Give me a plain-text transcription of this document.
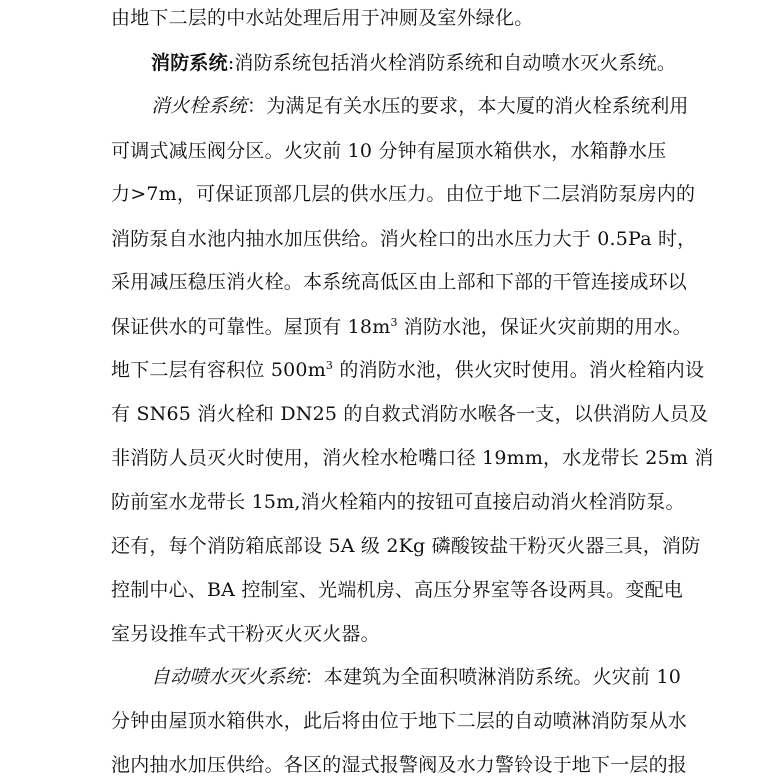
由地下二层的中水站处理后用于冲厕及室外绿化。
消防系统:消防系统包括消火栓消防系统和自动喷水灭火系统。
消火栓系统：为满足有关水压的要求，本大厦的消火栓系统利用
可调式减压阀分区。火灾前 10 分钟有屋顶水箱供水，水箱静水压
力>7m，可保证顶部几层的供水压力。由位于地下二层消防泵房内的
消防泵自水池内抽水加压供给。消火栓口的出水压力大于 0.5Pa 时，
采用减压稳压消火栓。本系统高低区由上部和下部的干管连接成环以
保证供水的可靠性。屋顶有 $18m^3$ 消防水池，保证火灾前期的用水。
地下二层有容积位 $500m^3$ 的消防水池，供火灾时使用。消火栓箱内设
有 SN65 消火栓和 DN25 的自救式消防水喉各一支，以供消防人员及
非消防人员灭火时使用，消火栓水枪嘴口径 19mm，水龙带长 25m 消
防前室水龙带长 15m,消火栓箱内的按钮可直接启动消火栓消防泵。
还有，每个消防箱底部设 5A 级 2Kg 磷酸铵盐干粉灭火器三具，消防
控制中心、BA 控制室、光端机房、高压分界室等各设两具。变配电
室另设推车式干粉灭火灭火器。
自动喷水灭火系统：本建筑为全面积喷淋消防系统。火灾前 10
分钟由屋顶水箱供水，此后将由位于地下二层的自动喷淋消防泵从水
池内抽水加压供给。各区的湿式报警阀及水力警铃设于地下一层的报
